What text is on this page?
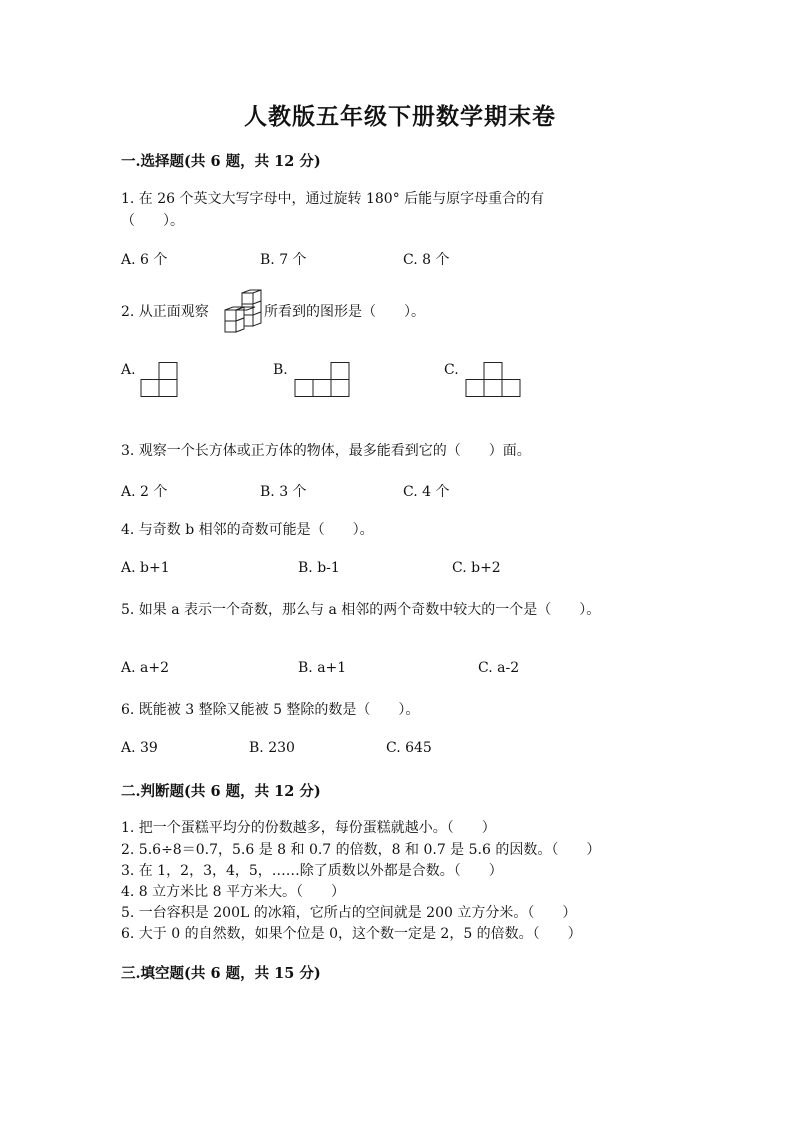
人教版五年级下册数学期末卷
一.选择题(共 6 题，共 12 分)
1. 在 26 个英文大写字母中，通过旋转 180° 后能与原字母重合的有
（　　）。
A. 6 个	B. 7 个	C. 8 个
2. 从正面观察	所看到的图形是（　　）。
A.	B.	C.
3. 观察一个长方体或正方体的物体，最多能看到它的（　　）面。
A. 2 个	B. 3 个	C. 4 个
4. 与奇数 b 相邻的奇数可能是（　　）。
A. b+1	B. b-1	C. b+2
5. 如果 a 表示一个奇数，那么与 a 相邻的两个奇数中较大的一个是（　　）。
A. a+2	B. a+1	C. a-2
6. 既能被 3 整除又能被 5 整除的数是（　　）。
A. 39	B. 230	C. 645
二.判断题(共 6 题，共 12 分)
1. 把一个蛋糕平均分的份数越多，每份蛋糕就越小。（　　）
2. 5.6÷8＝0.7，5.6 是 8 和 0.7 的倍数，8 和 0.7 是 5.6 的因数。（　　）
3. 在 1，2，3，4，5，……除了质数以外都是合数。（　　）
4. 8 立方米比 8 平方米大。（　　）
5. 一台容积是 200L 的冰箱，它所占的空间就是 200 立方分米。（　　）
6. 大于 0 的自然数，如果个位是 0，这个数一定是 2，5 的倍数。（　　）
三.填空题(共 6 题，共 15 分)
